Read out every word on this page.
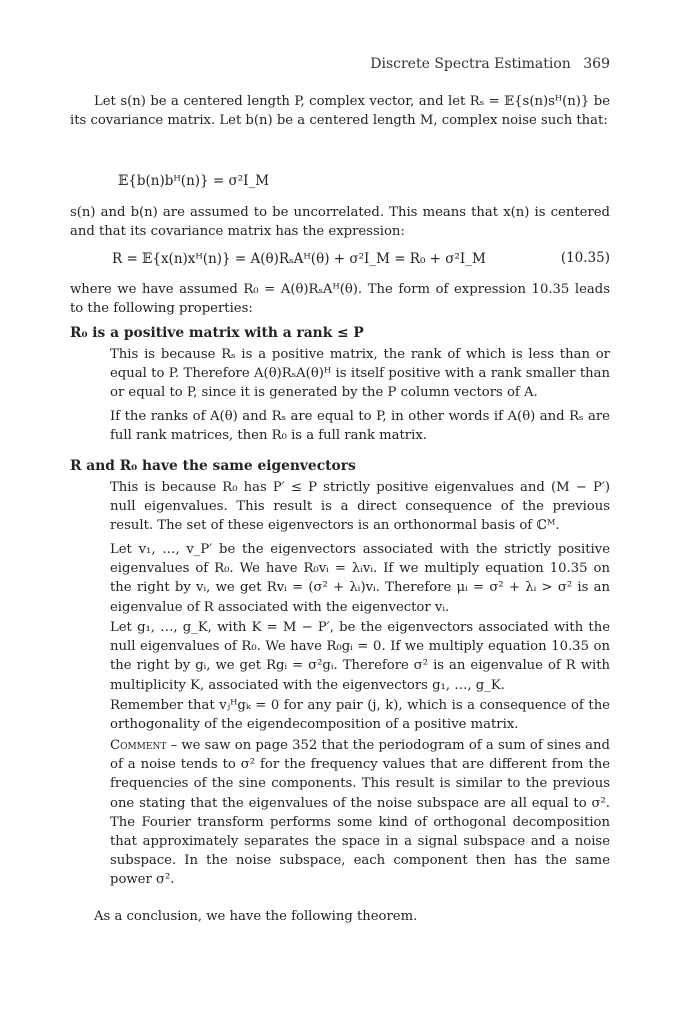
Discrete Spectra Estimation 369

Let s(n) be a centered length P, complex vector, and let Rₛ = 𝔼{s(n)sᴴ(n)} be its covariance matrix. Let b(n) be a centered length M, complex noise such that:

𝔼{b(n)bᴴ(n)} = σ²I_M

s(n) and b(n) are assumed to be uncorrelated. This means that x(n) is centered and that its covariance matrix has the expression:

R = 𝔼{x(n)xᴴ(n)} = A(θ)RₛAᴴ(θ) + σ²I_M = R₀ + σ²I_M	(10.35)

where we have assumed R₀ = A(θ)RₛAᴴ(θ). The form of expression 10.35 leads to the following properties:

R₀ is a positive matrix with a rank ≤ P

This is because Rₛ is a positive matrix, the rank of which is less than or equal to P. Therefore A(θ)RₛA(θ)ᴴ is itself positive with a rank smaller than or equal to P, since it is generated by the P column vectors of A.

If the ranks of A(θ) and Rₛ are equal to P, in other words if A(θ) and Rₛ are full rank matrices, then R₀ is a full rank matrix.

R and R₀ have the same eigenvectors

This is because R₀ has P′ ≤ P strictly positive eigenvalues and (M − P′) null eigenvalues. This result is a direct consequence of the previous result. The set of these eigenvectors is an orthonormal basis of ℂᴹ.

Let v₁, …, v_P′ be the eigenvectors associated with the strictly positive eigenvalues of R₀. We have R₀vᵢ = λᵢvᵢ. If we multiply equation 10.35 on the right by vᵢ, we get Rvᵢ = (σ² + λᵢ)vᵢ. Therefore μᵢ = σ² + λᵢ > σ² is an eigenvalue of R associated with the eigenvector vᵢ.

Let g₁, …, g_K, with K = M − P′, be the eigenvectors associated with the null eigenvalues of R₀. We have R₀gᵢ = 0. If we multiply equation 10.35 on the right by gᵢ, we get Rgᵢ = σ²gᵢ. Therefore σ² is an eigenvalue of R with multiplicity K, associated with the eigenvectors g₁, …, g_K.

Remember that vⱼᴴgₖ = 0 for any pair (j, k), which is a consequence of the orthogonality of the eigendecomposition of a positive matrix.

Comment – we saw on page 352 that the periodogram of a sum of sines and of a noise tends to σ² for the frequency values that are different from the frequencies of the sine components. This result is similar to the previous one stating that the eigenvalues of the noise subspace are all equal to σ². The Fourier transform performs some kind of orthogonal decomposition that approximately separates the space in a signal subspace and a noise subspace. In the noise subspace, each component then has the same power σ².

As a conclusion, we have the following theorem.
